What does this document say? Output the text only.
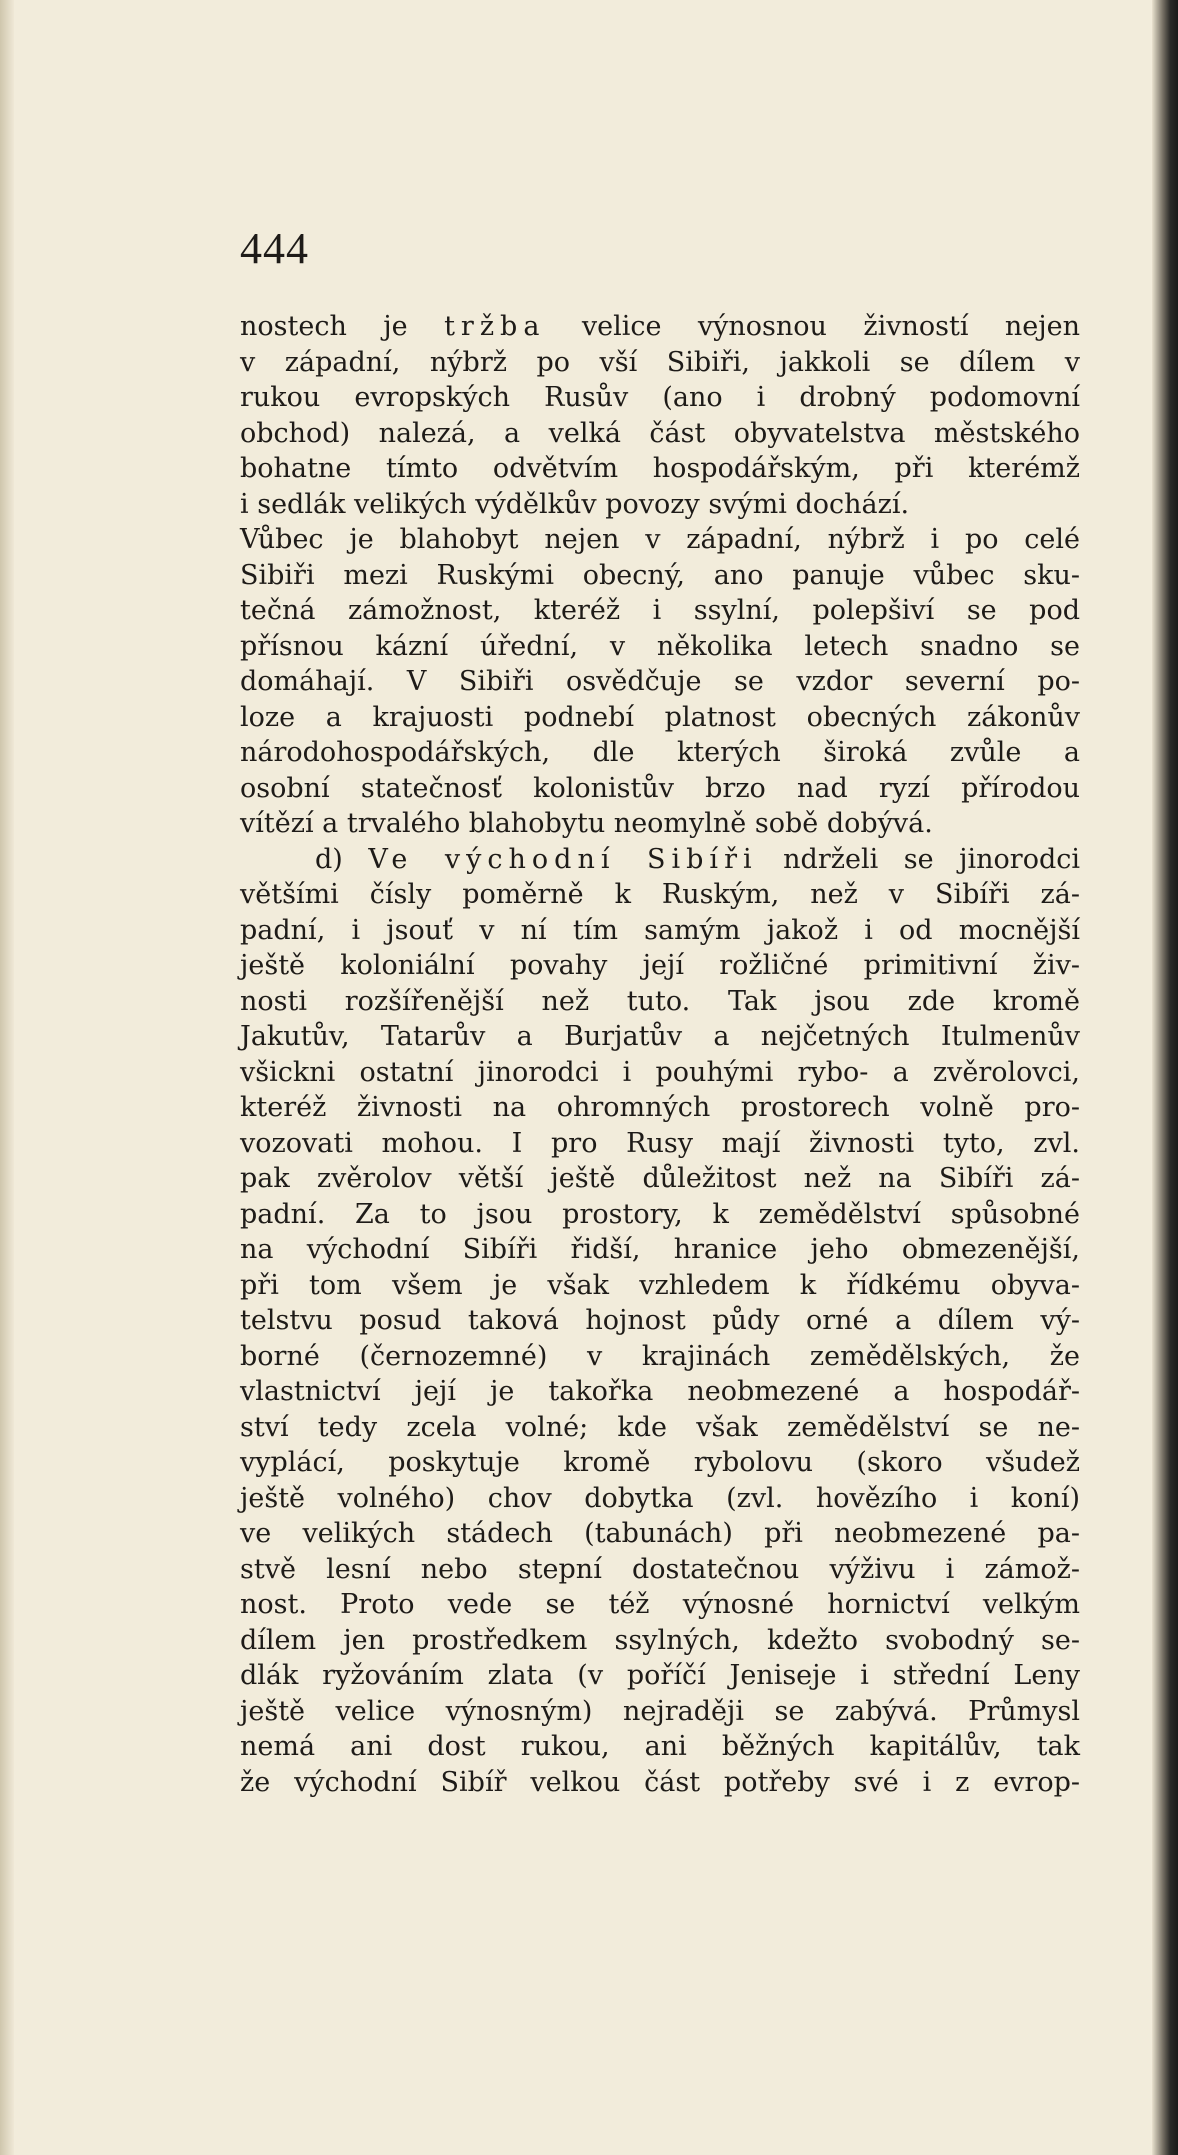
444
nostech je tržba velice výnosnou živností nejen
v západní, nýbrž po vší Sibiři, jakkoli se dílem v
rukou evropských Rusův (ano i drobný podomovní
obchod) nalezá, a velká část obyvatelstva městského
bohatne tímto odvětvím hospodářským, při kterémž
i sedlák velikých výdělkův povozy svými dochází.
Vůbec je blahobyt nejen v západní, nýbrž i po celé
Sibiři mezi Ruskými obecný, ano panuje vůbec sku-
tečná zámožnost, kteréž i ssylní, polepšiví se pod
přísnou kázní úřední, v několika letech snadno se
domáhají. V Sibiři osvědčuje se vzdor severní po-
loze a krajuosti podnebí platnost obecných zákonův
národohospodářských, dle kterých široká zvůle a
osobní statečnosť kolonistův brzo nad ryzí přírodou
vítězí a trvalého blahobytu neomylně sobě dobývá.
d) Ve východní Sibíři ndrželi se jinorodci
většími čísly poměrně k Ruským, než v Sibíři zá-
padní, i jsouť v ní tím samým jakož i od mocnější
ještě koloniální povahy její rožličné primitivní živ-
nosti rozšířenější než tuto. Tak jsou zde kromě
Jakutův, Tatarův a Burjatův a nejčetných Itulmenův
všickni ostatní jinorodci i pouhými rybo- a zvěrolovci,
kteréž živnosti na ohromných prostorech volně pro-
vozovati mohou. I pro Rusy mají živnosti tyto, zvl.
pak zvěrolov větší ještě důležitost než na Sibíři zá-
padní. Za to jsou prostory, k zemědělství spůsobné
na východní Sibíři řidší, hranice jeho obmezenější,
při tom všem je však vzhledem k řídkému obyva-
telstvu posud taková hojnost půdy orné a dílem vý-
borné (černozemné) v krajinách zemědělských, že
vlastnictví její je takořka neobmezené a hospodář-
ství tedy zcela volné; kde však zemědělství se ne-
vyplácí, poskytuje kromě rybolovu (skoro všudež
ještě volného) chov dobytka (zvl. hovězího i koní)
ve velikých stádech (tabunách) při neobmezené pa-
stvě lesní nebo stepní dostatečnou výživu i zámož-
nost. Proto vede se též výnosné hornictví velkým
dílem jen prostředkem ssylných, kdežto svobodný se-
dlák ryžováním zlata (v poříčí Jeniseje i střední Leny
ještě velice výnosným) nejraději se zabývá. Průmysl
nemá ani dost rukou, ani běžných kapitálův, tak
že východní Sibíř velkou část potřeby své i z evrop-
